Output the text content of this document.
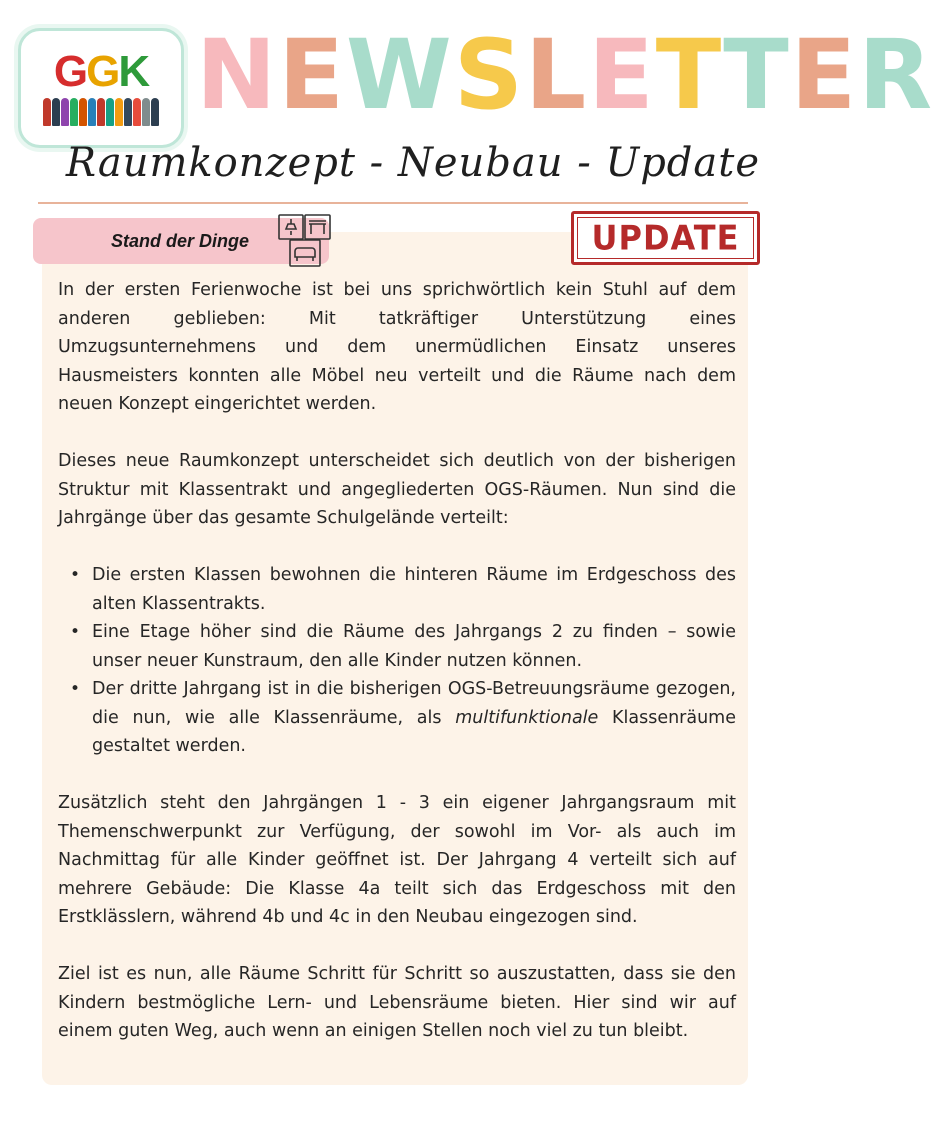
GGK N E W S L E T T E R
Raumkonzept - Neubau - Update
Stand der Dinge	UPDATE

In der ersten Ferienwoche ist bei uns sprichwörtlich kein Stuhl auf dem anderen geblieben: Mit tatkräftiger Unterstützung eines Umzugsunternehmens und dem unermüdlichen Einsatz unseres Hausmeisters konnten alle Möbel neu verteilt und die Räume nach dem neuen Konzept eingerichtet werden.

Dieses neue Raumkonzept unterscheidet sich deutlich von der bisherigen Struktur mit Klassentrakt und angegliederten OGS-Räumen. Nun sind die Jahrgänge über das gesamte Schulgelände verteilt:

• Die ersten Klassen bewohnen die hinteren Räume im Erdgeschoss des alten Klassentrakts.
• Eine Etage höher sind die Räume des Jahrgangs 2 zu finden – sowie unser neuer Kunstraum, den alle Kinder nutzen können.
• Der dritte Jahrgang ist in die bisherigen OGS-Betreuungsräume gezogen, die nun, wie alle Klassenräume, als multifunktionale Klassenräume gestaltet werden.

Zusätzlich steht den Jahrgängen 1 - 3 ein eigener Jahrgangsraum mit Themenschwerpunkt zur Verfügung, der sowohl im Vor- als auch im Nachmittag für alle Kinder geöffnet ist. Der Jahrgang 4 verteilt sich auf mehrere Gebäude: Die Klasse 4a teilt sich das Erdgeschoss mit den Erstklässlern, während 4b und 4c in den Neubau eingezogen sind.

Ziel ist es nun, alle Räume Schritt für Schritt so auszustatten, dass sie den Kindern bestmögliche Lern- und Lebensräume bieten. Hier sind wir auf einem guten Weg, auch wenn an einigen Stellen noch viel zu tun bleibt.
